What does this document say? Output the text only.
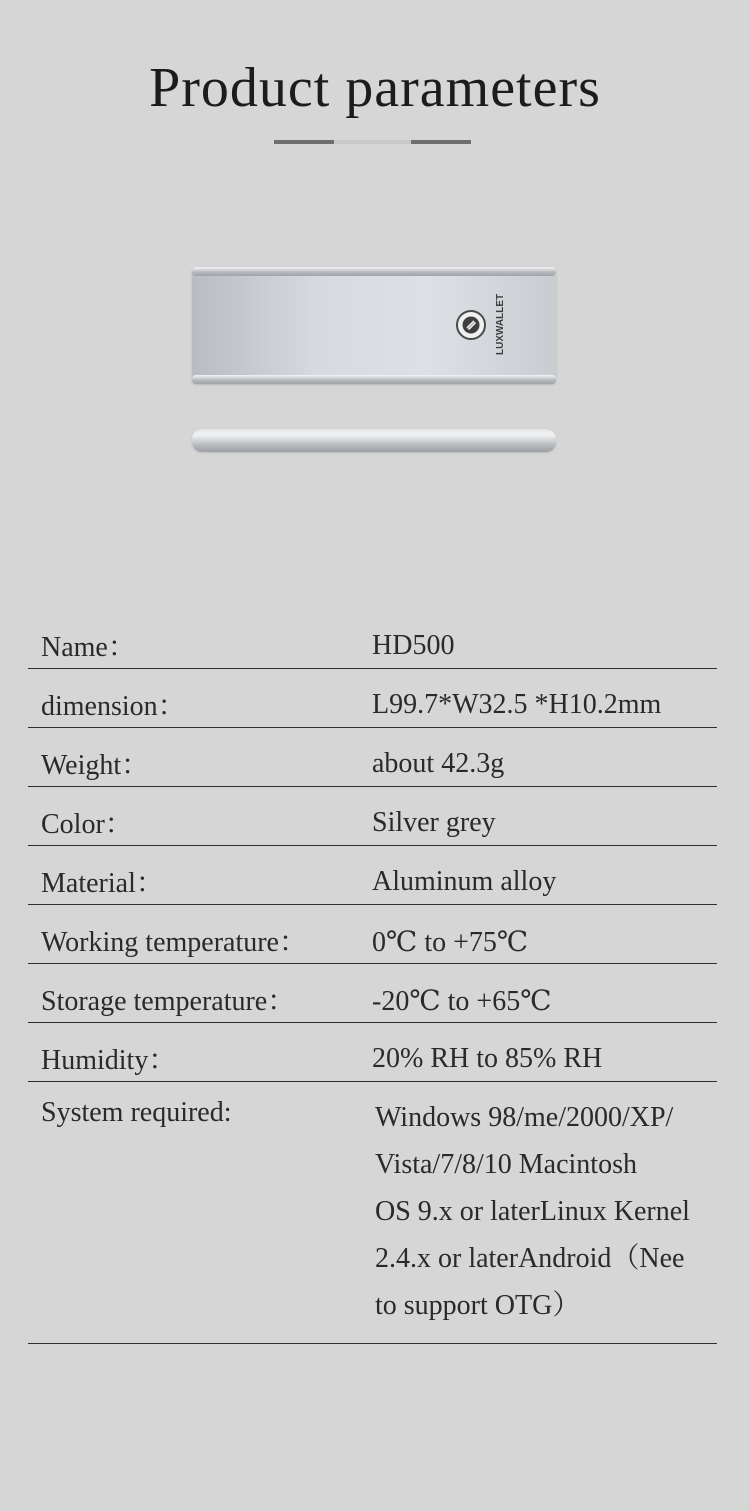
Product parameters
LUXWALLET
Name：	HD500
dimension：	L99.7*W32.5 *H10.2mm
Weight：	about 42.3g
Color：	Silver grey
Material：	Aluminum alloy
Working temperature： 0℃ to +75℃
Storage temperature：	-20℃ to +65℃
Humidity：	20% RH to 85% RH
System required:	Windows 98/me/2000/XP/
Vista/7/8/10 Macintosh
OS 9.x or laterLinux Kernel
2.4.x or laterAndroid（Nee
to support OTG）
